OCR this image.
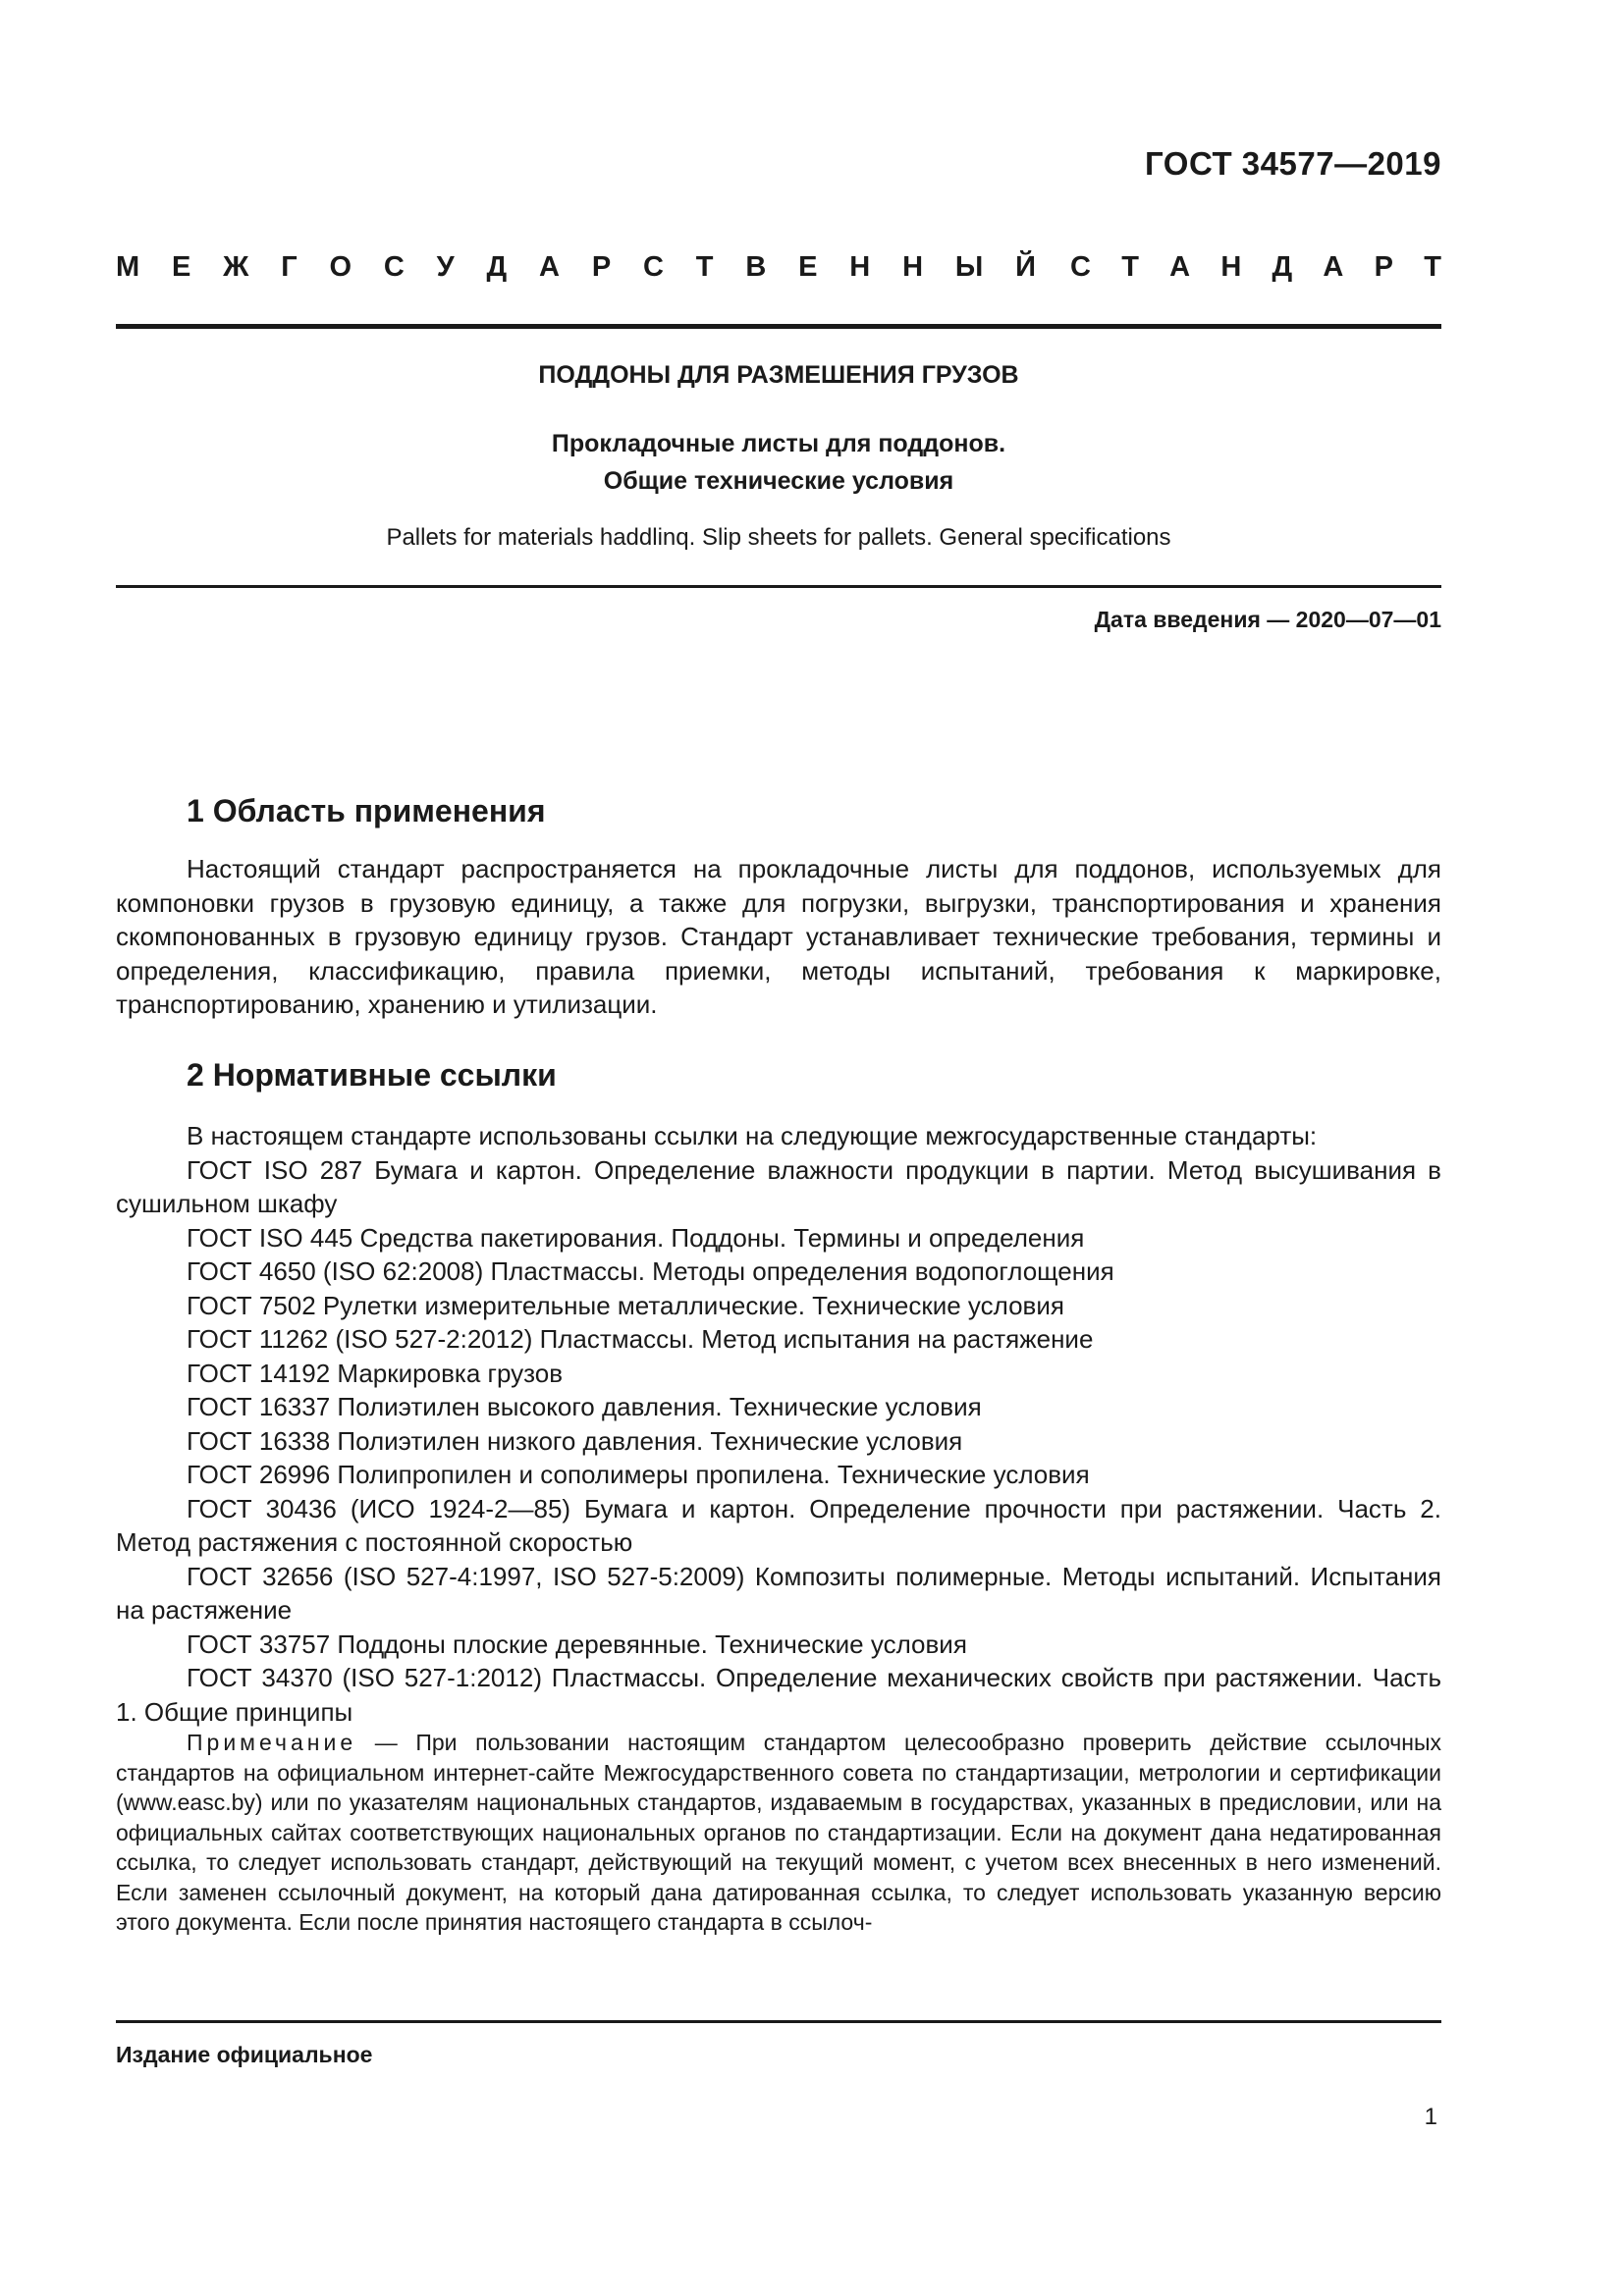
ГОСТ 34577—2019
М Е Ж Г О С У Д А Р С Т В Е Н Н Ы Й С Т А Н Д А Р Т
ПОДДОНЫ ДЛЯ РАЗМЕШЕНИЯ ГРУЗОВ
Прокладочные листы для поддонов.
Общие технические условия
Pallets for materials haddlinq. Slip sheets for pallets. General specifications
Дата введения — 2020—07—01
1 Область применения
Настоящий стандарт распространяется на прокладочные листы для поддонов, используемых для компоновки грузов в грузовую единицу, а также для погрузки, выгрузки, транспортирования и хранения скомпонованных в грузовую единицу грузов. Стандарт устанавливает технические требования, термины и определения, классификацию, правила приемки, методы испытаний, требования к маркировке, транспортированию, хранению и утилизации.
2 Нормативные ссылки

В настоящем стандарте использованы ссылки на следующие межгосударственные стандарты:

ГОСТ ISO 287 Бумага и картон. Определение влажности продукции в партии. Метод высушивания в сушильном шкафу

ГОСТ ISO 445 Средства пакетирования. Поддоны. Термины и определения

ГОСТ 4650 (ISO 62:2008) Пластмассы. Методы определения водопоглощения

ГОСТ 7502 Рулетки измерительные металлические. Технические условия

ГОСТ 11262 (ISO 527-2:2012) Пластмассы. Метод испытания на растяжение

ГОСТ 14192 Маркировка грузов

ГОСТ 16337 Полиэтилен высокого давления. Технические условия

ГОСТ 16338 Полиэтилен низкого давления. Технические условия

ГОСТ 26996 Полипропилен и сополимеры пропилена. Технические условия

ГОСТ 30436 (ИСО 1924-2—85) Бумага и картон. Определение прочности при растяжении. Часть 2. Метод растяжения с постоянной скоростью

ГОСТ 32656 (ISO 527-4:1997, ISO 527-5:2009) Композиты полимерные. Методы испытаний. Испытания на растяжение

ГОСТ 33757 Поддоны плоские деревянные. Технические условия

ГОСТ 34370 (ISO 527-1:2012) Пластмассы. Определение механических свойств при растяжении. Часть 1. Общие принципы

Примечание — При пользовании настоящим стандартом целесообразно проверить действие ссылочных стандартов на официальном интернет-сайте Межгосударственного совета по стандартизации, метрологии и сертификации (www.easc.by) или по указателям национальных стандартов, издаваемым в государствах, указанных в предисловии, или на официальных сайтах соответствующих национальных органов по стандартизации. Если на документ дана недатированная ссылка, то следует использовать стандарт, действующий на текущий момент, с учетом всех внесенных в него изменений. Если заменен ссылочный документ, на который дана датированная ссылка, то следует использовать указанную версию этого документа. Если после принятия настоящего стандарта в ссылоч-
Издание официальное
1
